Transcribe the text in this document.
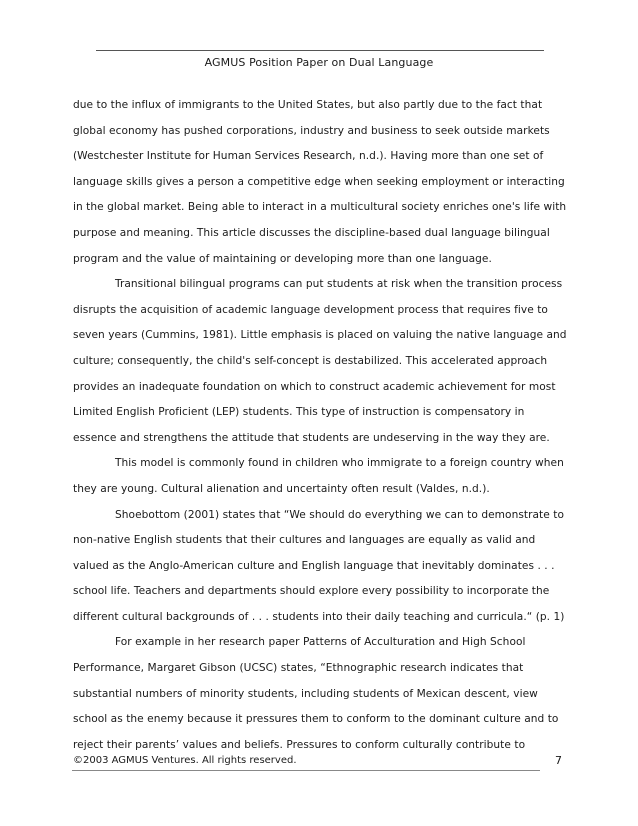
AGMUS Position Paper on Dual Language
due to the influx of immigrants to the United States, but also partly due to the fact that
global economy has pushed corporations, industry and business to seek outside markets
(Westchester Institute for Human Services Research, n.d.). Having more than one set of
language skills gives a person a competitive edge when seeking employment or interacting
in the global market. Being able to interact in a multicultural society enriches one's life with
purpose and meaning. This article discusses the discipline-based dual language bilingual
program and the value of maintaining or developing more than one language.
Transitional bilingual programs can put students at risk when the transition process
disrupts the acquisition of academic language development process that requires five to
seven years (Cummins, 1981). Little emphasis is placed on valuing the native language and
culture; consequently, the child's self-concept is destabilized. This accelerated approach
provides an inadequate foundation on which to construct academic achievement for most
Limited English Proficient (LEP) students. This type of instruction is compensatory in
essence and strengthens the attitude that students are undeserving in the way they are.
This model is commonly found in children who immigrate to a foreign country when
they are young. Cultural alienation and uncertainty often result (Valdes, n.d.).
Shoebottom (2001) states that “We should do everything we can to demonstrate to
non-native English students that their cultures and languages are equally as valid and
valued as the Anglo-American culture and English language that inevitably dominates . . .
school life. Teachers and departments should explore every possibility to incorporate the
different cultural backgrounds of . . . students into their daily teaching and curricula.“ (p. 1)
For example in her research paper Patterns of Acculturation and High School
Performance, Margaret Gibson (UCSC) states, “Ethnographic research indicates that
substantial numbers of minority students, including students of Mexican descent, view
school as the enemy because it pressures them to conform to the dominant culture and to
reject their parents’ values and beliefs. Pressures to conform culturally contribute to
©2003 AGMUS Ventures. All rights reserved.	7
